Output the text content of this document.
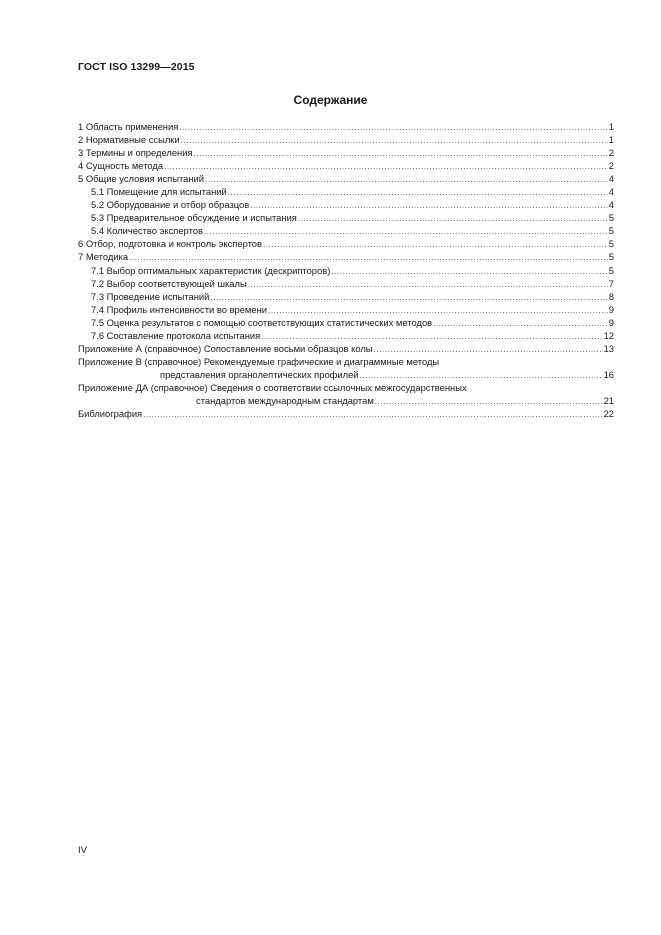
ГОСТ ISO 13299—2015
Содержание
1 Область применения .....	1
2 Нормативные ссылки .....	1
3 Термины и определения .....	2
4 Сущность метода .....	2
5 Общие условия испытаний .....	4
5.1 Помещение для испытаний .....	4
5.2 Оборудование и отбор образцов .....	4
5.3 Предварительное обсуждение и испытания .....	5
5.4 Количество экспертов .....	5
6 Отбор, подготовка и контроль экспертов .....	5
7 Методика .....	5
7.1 Выбор оптимальных характеристик (дескрипторов) .....	5
7.2 Выбор соответствующей шкалы .....	7
7.3 Проведение испытаний .....	8
7.4 Профиль интенсивности во времени .....	9
7.5 Оценка результатов с помощью соответствующих статистических методов .....	9
7.6 Составление протокола испытания .....	12
Приложение А (справочное) Сопоставление восьми образцов колы .....	13
Приложение В (справочное) Рекомендуемые графические и диаграммные методы
представления органолептических профилей .....	16
Приложение ДА (справочное) Сведения о соответствии ссылочных межгосударственных
стандартов международным стандартам .....	21
Библиография .....	22
IV
